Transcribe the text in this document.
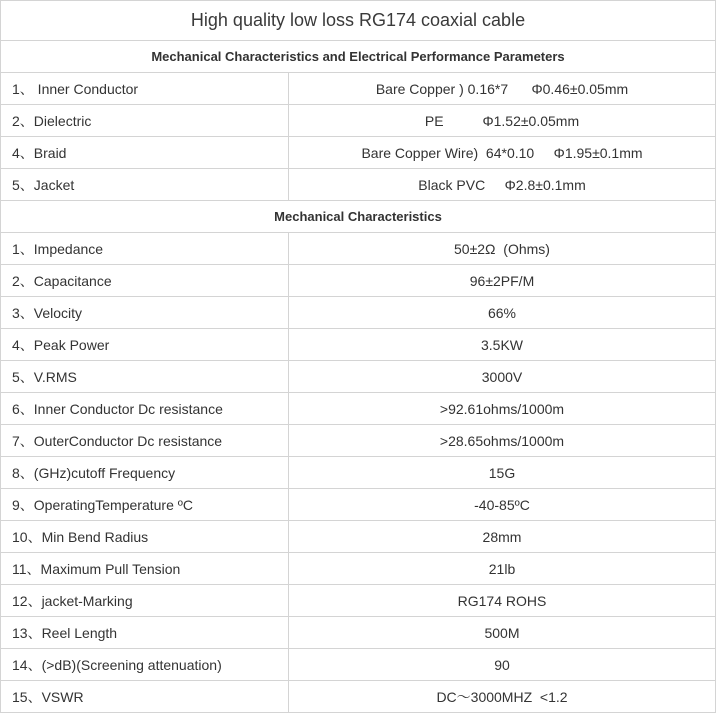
High quality low loss RG174 coaxial cable	
Mechanical Characteristics and Electrical Performance Parameters	
1、 Inner Conductor	Bare Copper ) 0.16*7      Φ0.46±0.05mm
2、Dielectric	PE          Φ1.52±0.05mm
4、Braid	Bare Copper Wire)  64*0.10     Φ1.95±0.1mm
5、Jacket	Black PVC     Φ2.8±0.1mm
Mechanical Characteristics	
1、Impedance	50±2Ω  (Ohms)
2、Capacitance	96±2PF/M
3、Velocity	66%
4、Peak Power	3.5KW
5、V.RMS	3000V
6、Inner Conductor Dc resistance	>92.61ohms/1000m
7、OuterConductor Dc resistance	>28.65ohms/1000m
8、(GHz)cutoff Frequency	15G
9、OperatingTemperature ºC	-40-85ºC
10、Min Bend Radius	28mm
11、Maximum Pull Tension	21lb
12、jacket-Marking	RG174 ROHS
13、Reel Length	500M
14、(>dB)(Screening attenuation)	90
15、VSWR	DC～3000MHZ  <1.2
